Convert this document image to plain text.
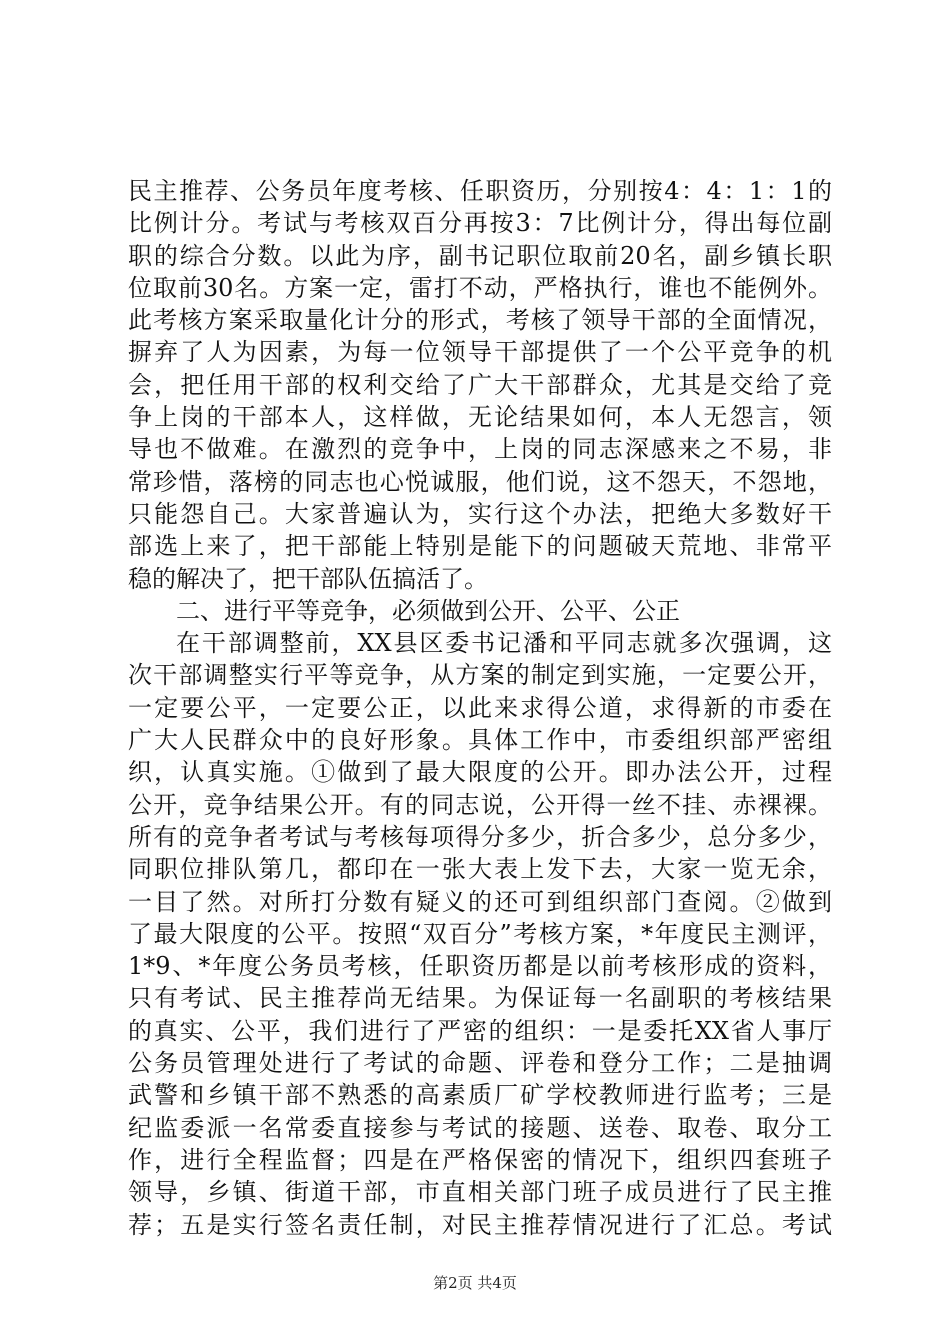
民主推荐、公务员年度考核、任职资历，分别按4：4：1：1的
比例计分。考试与考核双百分再按3：7比例计分，得出每位副
职的综合分数。以此为序，副书记职位取前20名，副乡镇长职
位取前30名。方案一定，雷打不动，严格执行，谁也不能例外。
此考核方案采取量化计分的形式，考核了领导干部的全面情况，
摒弃了人为因素，为每一位领导干部提供了一个公平竞争的机
会，把任用干部的权利交给了广大干部群众，尤其是交给了竞
争上岗的干部本人，这样做，无论结果如何，本人无怨言，领
导也不做难。在激烈的竞争中，上岗的同志深感来之不易，非
常珍惜，落榜的同志也心悦诚服，他们说，这不怨天，不怨地，
只能怨自己。大家普遍认为，实行这个办法，把绝大多数好干
部选上来了，把干部能上特别是能下的问题破天荒地、非常平
稳的解决了，把干部队伍搞活了。
二、进行平等竞争，必须做到公开、公平、公正
在干部调整前，XX县区委书记潘和平同志就多次强调，这
次干部调整实行平等竞争，从方案的制定到实施，一定要公开，
一定要公平，一定要公正，以此来求得公道，求得新的市委在
广大人民群众中的良好形象。具体工作中，市委组织部严密组
织，认真实施。①做到了最大限度的公开。即办法公开，过程
公开，竞争结果公开。有的同志说，公开得一丝不挂、赤裸裸。
所有的竞争者考试与考核每项得分多少，折合多少，总分多少，
同职位排队第几，都印在一张大表上发下去，大家一览无余，
一目了然。对所打分数有疑义的还可到组织部门查阅。②做到
了最大限度的公平。按照“双百分”考核方案，*年度民主测评，
1*9、*年度公务员考核，任职资历都是以前考核形成的资料，
只有考试、民主推荐尚无结果。为保证每一名副职的考核结果
的真实、公平，我们进行了严密的组织：一是委托XX省人事厅
公务员管理处进行了考试的命题、评卷和登分工作；二是抽调
武警和乡镇干部不熟悉的高素质厂矿学校教师进行监考；三是
纪监委派一名常委直接参与考试的接题、送卷、取卷、取分工
作，进行全程监督；四是在严格保密的情况下，组织四套班子
领导，乡镇、街道干部，市直相关部门班子成员进行了民主推
荐；五是实行签名责任制，对民主推荐情况进行了汇总。考试
第2页 共4页
